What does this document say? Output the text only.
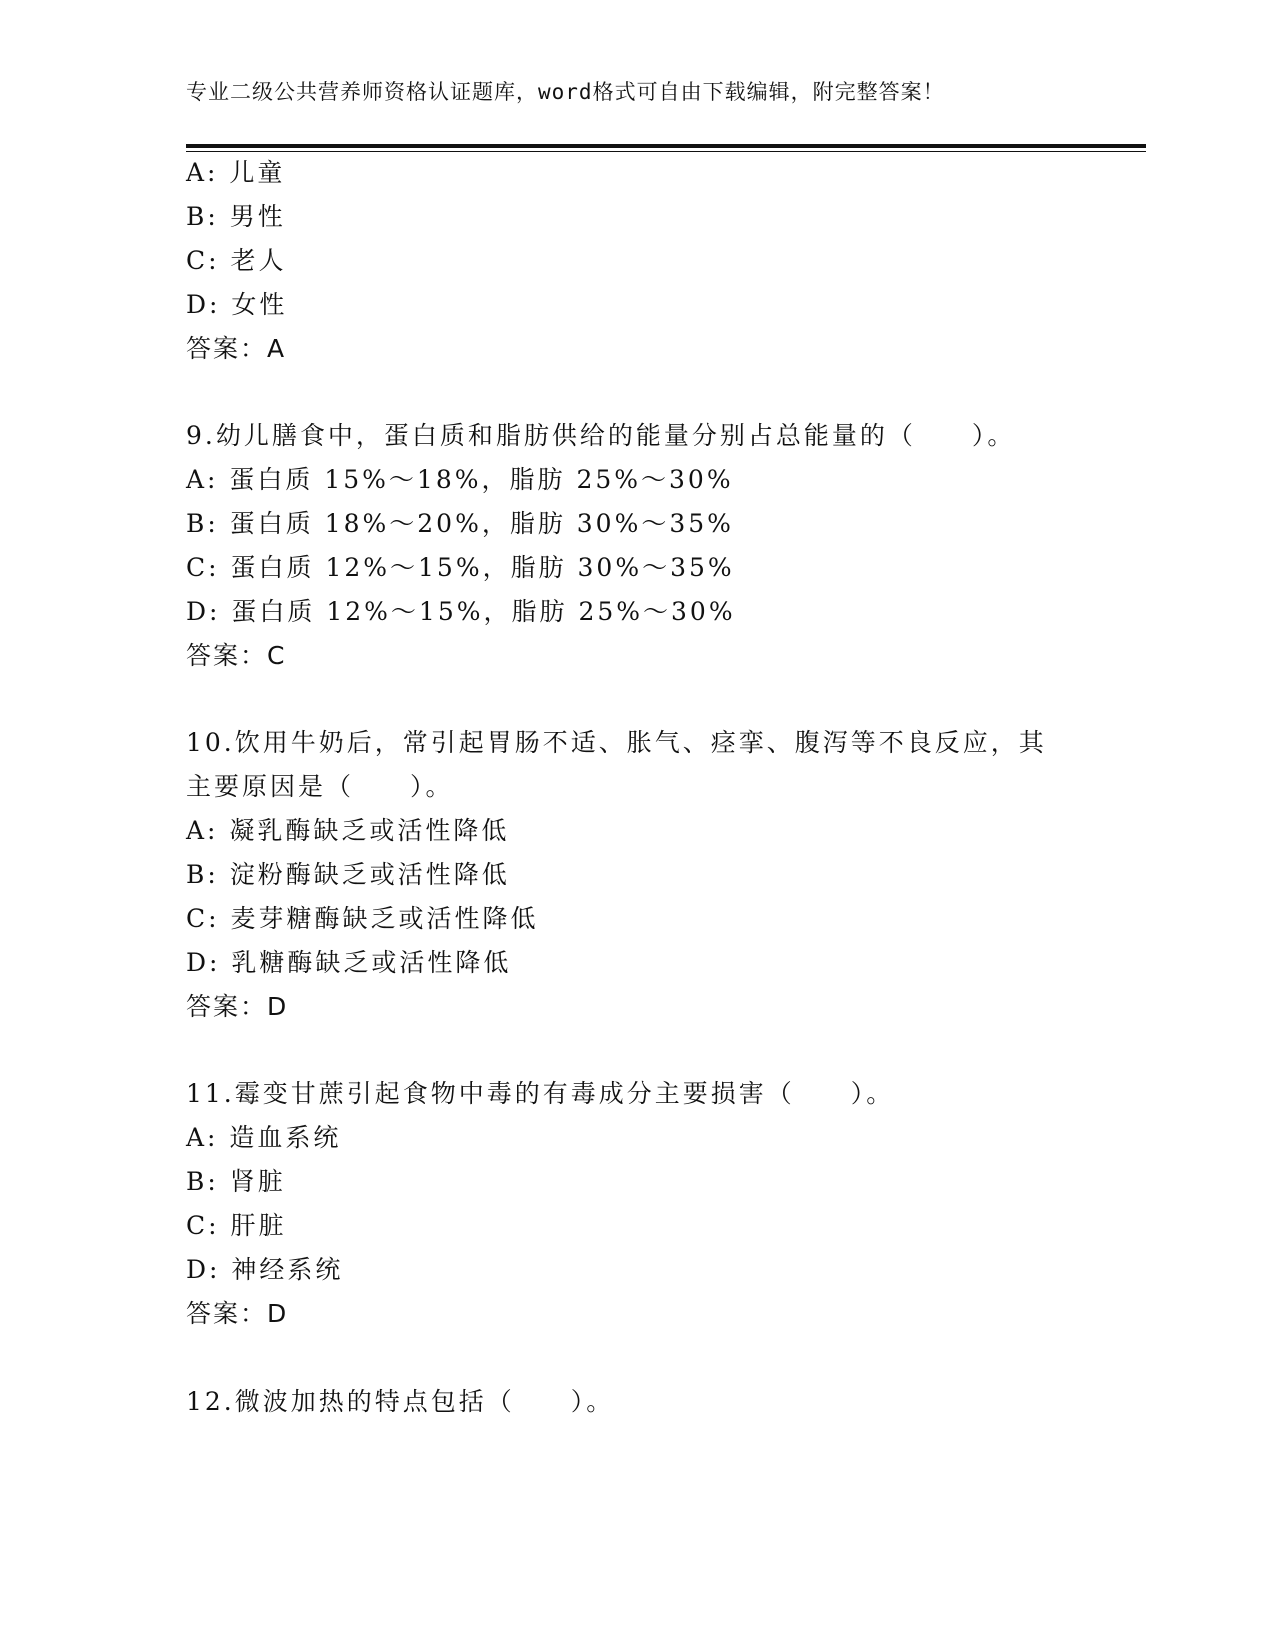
专业二级公共营养师资格认证题库，word格式可自由下载编辑，附完整答案！
A: 儿童
B: 男性
C: 老人
D: 女性
答案：A
9.幼儿膳食中，蛋白质和脂肪供给的能量分别占总能量的（　　）。
A: 蛋白质 15%～18%，脂肪 25%～30%
B: 蛋白质 18%～20%，脂肪 30%～35%
C: 蛋白质 12%～15%，脂肪 30%～35%
D: 蛋白质 12%～15%，脂肪 25%～30%
答案：C
10.饮用牛奶后，常引起胃肠不适、胀气、痉挛、腹泻等不良反应，其
主要原因是（　　）。
A: 凝乳酶缺乏或活性降低
B: 淀粉酶缺乏或活性降低
C: 麦芽糖酶缺乏或活性降低
D: 乳糖酶缺乏或活性降低
答案：D
11.霉变甘蔗引起食物中毒的有毒成分主要损害（　　）。
A: 造血系统
B: 肾脏
C: 肝脏
D: 神经系统
答案：D
12.微波加热的特点包括（　　）。
